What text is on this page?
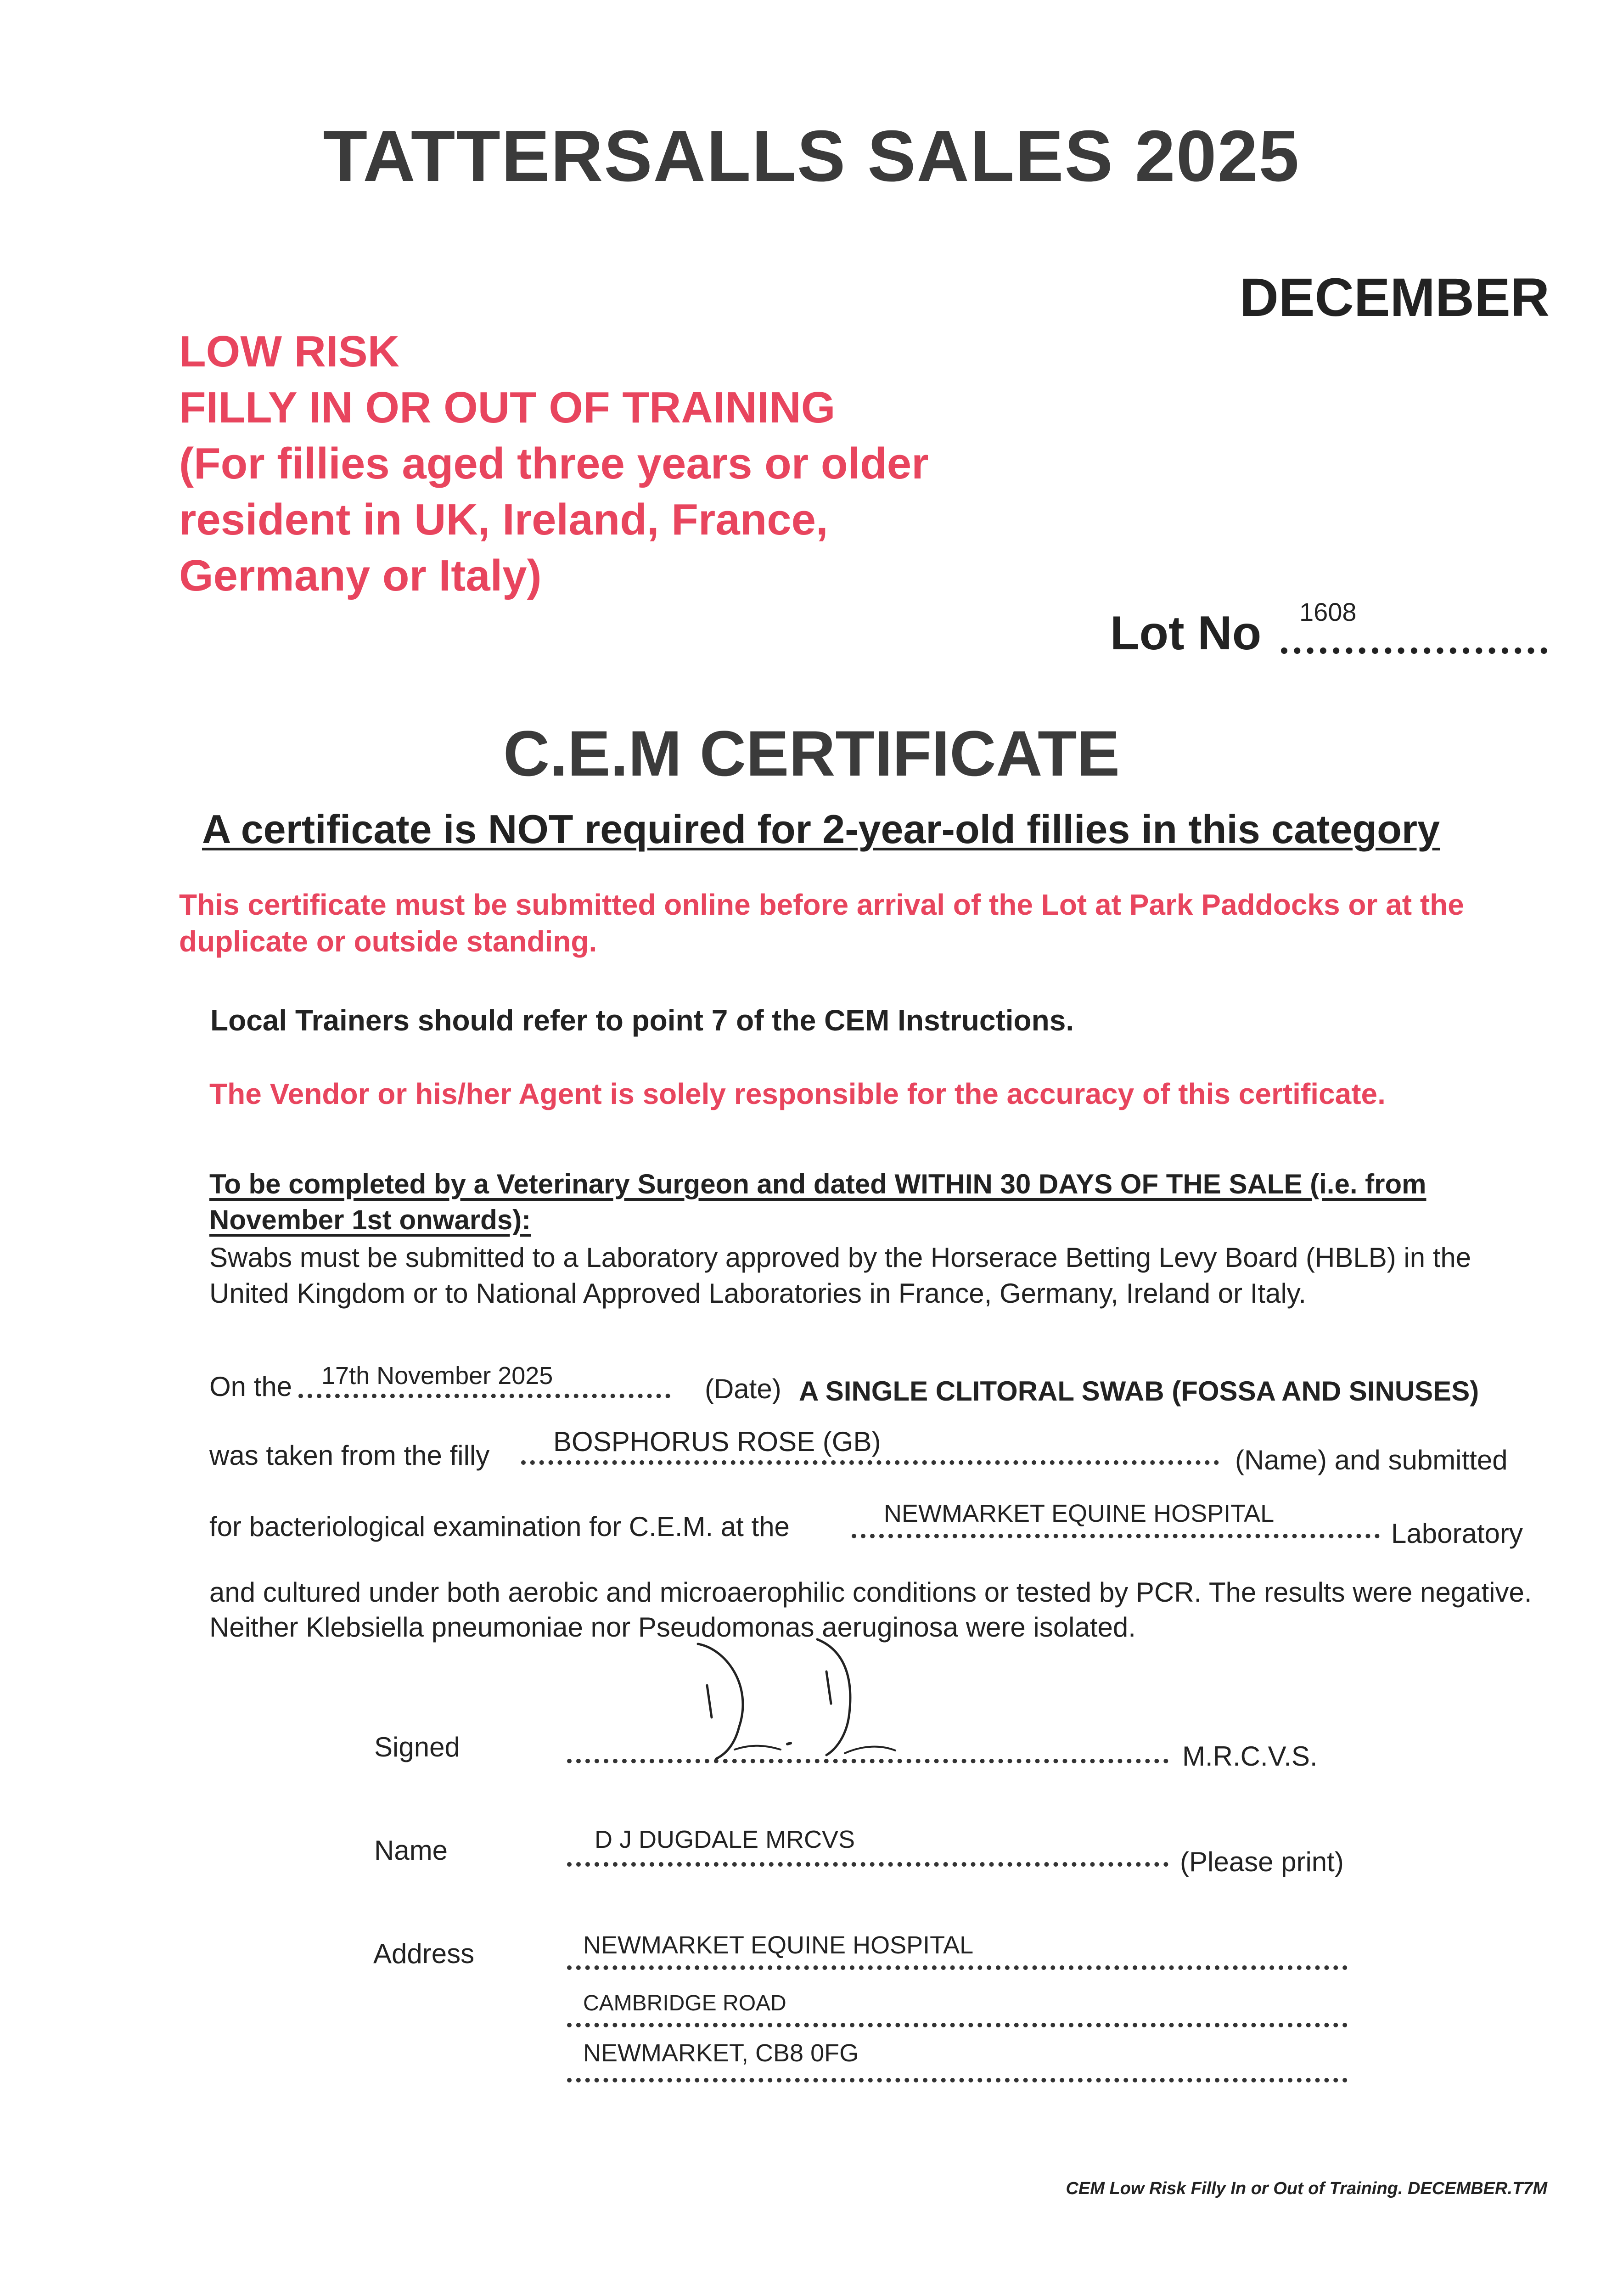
TATTERSALLS SALES 2025
DECEMBER
LOW RISK
FILLY IN OR OUT OF TRAINING
(For fillies aged three years or older
resident in UK, Ireland, France,
Germany or Italy)
Lot No 1608
C.E.M CERTIFICATE
A certificate is NOT required for 2-year-old fillies in this category
This certificate must be submitted online before arrival of the Lot at Park Paddocks or at the duplicate or outside standing.
Local Trainers should refer to point 7 of the CEM Instructions.
The Vendor or his/her Agent is solely responsible for the accuracy of this certificate.
To be completed by a Veterinary Surgeon and dated WITHIN 30 DAYS OF THE SALE (i.e. from November 1st onwards):
Swabs must be submitted to a Laboratory approved by the Horserace Betting Levy Board (HBLB) in the United Kingdom or to National Approved Laboratories in France, Germany, Ireland or Italy.
On the 17th November 2025	(Date) A SINGLE CLITORAL SWAB (FOSSA AND SINUSES)
was taken from the filly BOSPHORUS ROSE (GB)
(Name) and submitted
for bacteriological examination for C.E.M. at the	NEWMARKET EQUINE HOSPITAL
Laboratory
and cultured under both aerobic and microaerophilic conditions or tested by PCR. The results were negative. Neither Klebsiella pneumoniae nor Pseudomonas aeruginosa were isolated.
Signed	M.R.C.V.S.
Name	D J DUGDALE MRCVS
(Please print)
Address	NEWMARKET EQUINE HOSPITAL
CAMBRIDGE ROAD
NEWMARKET, CB8 0FG
CEM Low Risk Filly In or Out of Training. DECEMBER.T7M
